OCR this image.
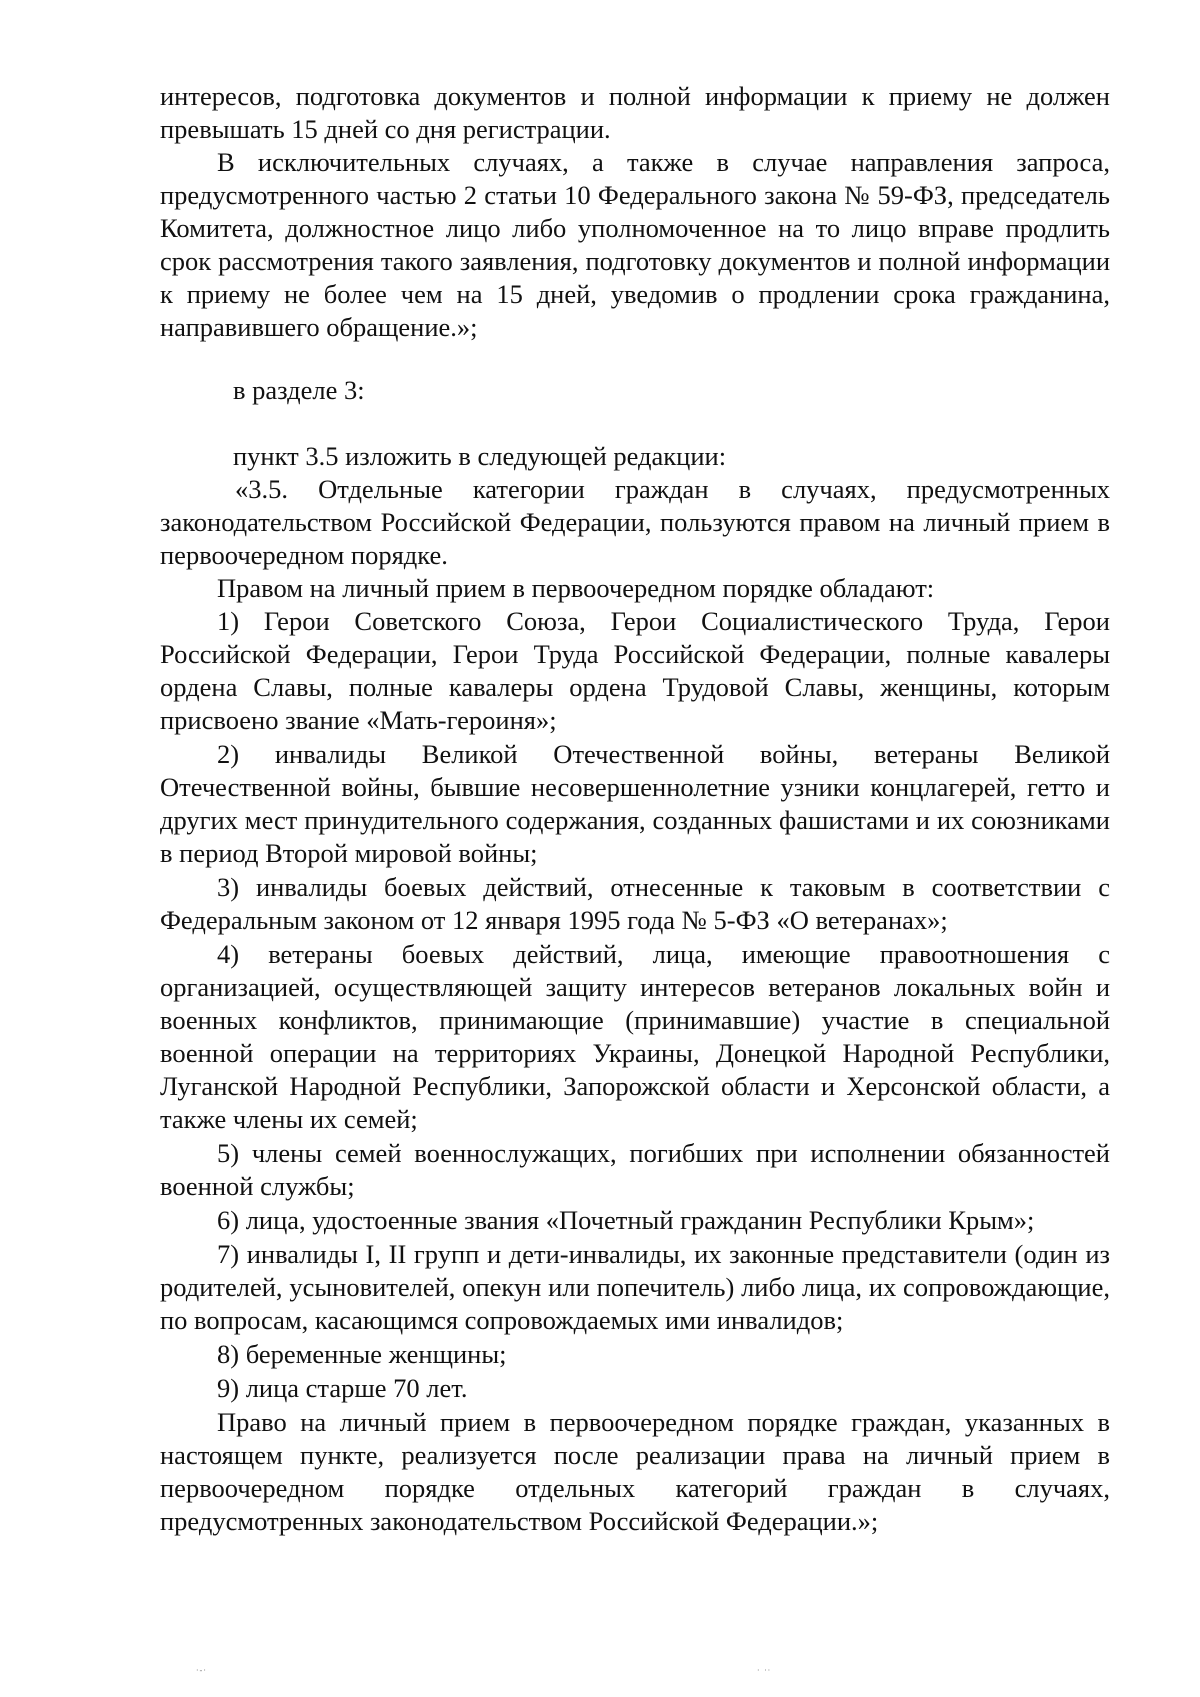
интересов, подготовка документов и полной информации к приему не должен превышать 15 дней со дня регистрации.

В исключительных случаях, а также в случае направления запроса, предусмотренного частью 2 статьи 10 Федерального закона № 59-ФЗ, председатель Комитета, должностное лицо либо уполномоченное на то лицо вправе продлить срок рассмотрения такого заявления, подготовку документов и полной информации к приему не более чем на 15 дней, уведомив о продлении срока гражданина, направившего обращение.»;

в разделе 3:

пункт 3.5 изложить в следующей редакции:

«3.5. Отдельные категории граждан в случаях, предусмотренных законодательством Российской Федерации, пользуются правом на личный прием в первоочередном порядке.

Правом на личный прием в первоочередном порядке обладают:

1) Герои Советского Союза, Герои Социалистического Труда, Герои Российской Федерации, Герои Труда Российской Федерации, полные кавалеры ордена Славы, полные кавалеры ордена Трудовой Славы, женщины, которым присвоено звание «Мать-героиня»;

2) инвалиды Великой Отечественной войны, ветераны Великой Отечественной войны, бывшие несовершеннолетние узники концлагерей, гетто и других мест принудительного содержания, созданных фашистами и их союзниками в период Второй мировой войны;

3) инвалиды боевых действий, отнесенные к таковым в соответствии с Федеральным законом от 12 января 1995 года № 5-ФЗ «О ветеранах»;

4) ветераны боевых действий, лица, имеющие правоотношения с организацией, осуществляющей защиту интересов ветеранов локальных войн и военных конфликтов, принимающие (принимавшие) участие в специальной военной операции на территориях Украины, Донецкой Народной Республики, Луганской Народной Республики, Запорожской области и Херсонской области, а также члены их семей;

5) члены семей военнослужащих, погибших при исполнении обязанностей военной службы;

6) лица, удостоенные звания «Почетный гражданин Республики Крым»;

7) инвалиды I, II групп и дети-инвалиды, их законные представители (один из родителей, усыновителей, опекун или попечитель) либо лица, их сопровождающие, по вопросам, касающимся сопровождаемых ими инвалидов;

8) беременные женщины;

9) лица старше 70 лет.

Право на личный прием в первоочередном порядке граждан, указанных в настоящем пункте, реализуется после реализации права на личный прием в первоочередном порядке отдельных категорий граждан в случаях, предусмотренных законодательством Российской Федерации.»;

·-·	· ··
